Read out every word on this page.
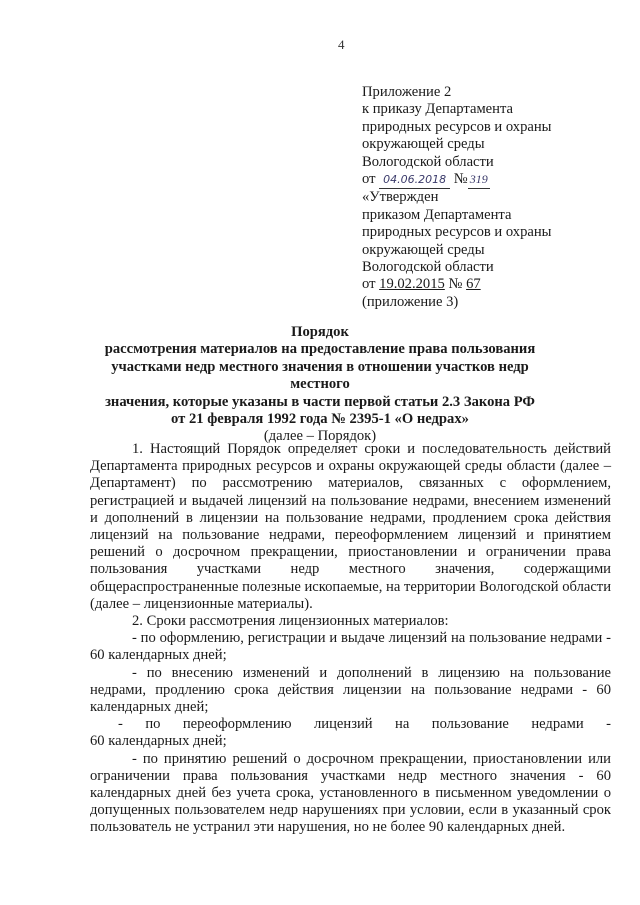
4
Приложение 2
к приказу Департамента
природных ресурсов и охраны
окружающей среды
Вологодской области
от 04.06.2018 № 319
«Утвержден
приказом Департамента
природных ресурсов и охраны
окружающей среды
Вологодской области
от 19.02.2015 № 67
(приложение 3)
Порядок
рассмотрения материалов на предоставление права пользования
участками недр местного значения в отношении участков недр местного
значения, которые указаны в части первой статьи 2.3 Закона РФ
от 21 февраля 1992 года № 2395-1 «О недрах»
(далее – Порядок)

1. Настоящий Порядок определяет сроки и последовательность действий Департамента природных ресурсов и охраны окружающей среды области (далее – Департамент) по рассмотрению материалов, связанных с оформлением, регистрацией и выдачей лицензий на пользование недрами, внесением изменений и дополнений в лицензии на пользование недрами, продлением срока действия лицензий на пользование недрами, переоформлением лицензий и принятием решений о досрочном прекращении, приостановлении и ограничении права пользования участками недр местного значения, содержащими общераспространенные полезные ископаемые, на территории Вологодской области (далее – лицензионные материалы).

2. Сроки рассмотрения лицензионных материалов:

- по оформлению, регистрации и выдаче лицензий на пользование недрами - 60 календарных дней;

- по внесению изменений и дополнений в лицензию на пользование недрами, продлению срока действия лицензии на пользование недрами - 60 календарных дней;

- по переоформлению лицензий на пользование недрами -

60 календарных дней;

- по принятию решений о досрочном прекращении, приостановлении или ограничении права пользования участками недр местного значения - 60 календарных дней без учета срока, установленного в письменном уведомлении о допущенных пользователем недр нарушениях при условии, если в указанный срок пользователь не устранил эти нарушения, но не более 90 календарных дней.
